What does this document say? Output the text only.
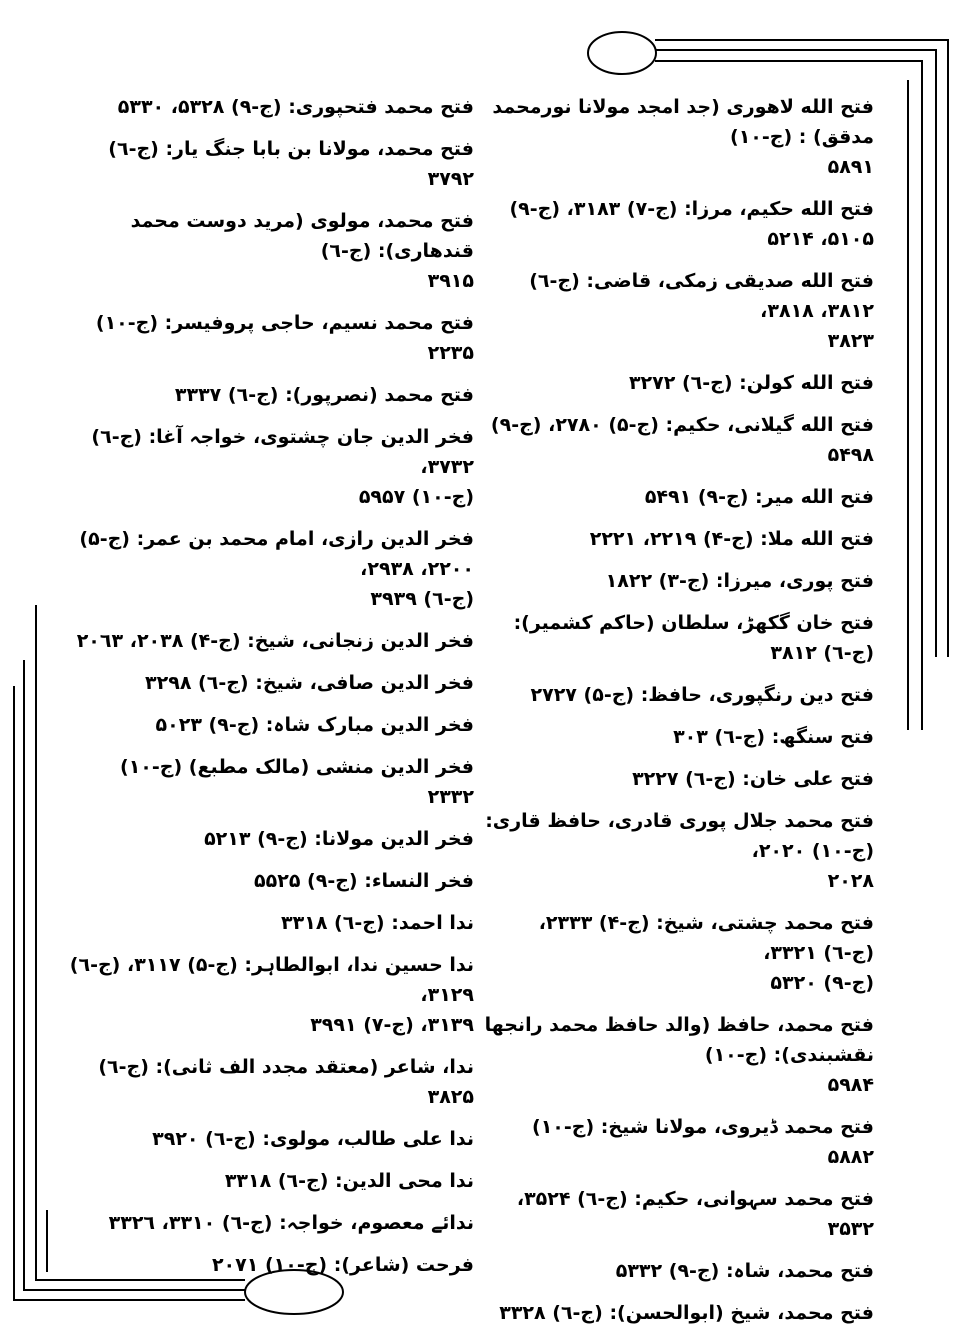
فتح الله لاهوری (جد امجد مولانا نورمحمد مدقق) : (ج-١٠)
۵۸۹۱
فتح الله حکیم، مرزا: (ج-٧) ٣١٨٣، (ج-٩) ۵١٠۵، ۵٢١۴
فتح الله صدیقی زمکی، قاضی: (ج-٦) ٣٨١٢، ٣٨١٨،
٣٨٢٣
فتح الله کولن: (ج-٦) ٣٢٧٢
فتح الله گیلانی، حکیم: (ج-۵) ٢٧٨٠، (ج-٩) ۵۴٩٨
فتح الله میر: (ج-٩) ۵۴٩١
فتح الله ملا: (ج-۴) ٢٢١٩، ٢٢٢١
فتح پوری، میرزا: (ج-٣) ١٨٢٢
فتح خان گکھڑ، سلطان (حاکم کشمیر): (ج-٦) ٣٨١٢
فتح دین رنگپوری، حافظ: (ج-۵) ٢٧٢٧
فتح سنگھ: (ج-٦) ٣٠٣
فتح علی خان: (ج-٦) ٣٢٢٧
فتح محمد جلال پوری قادری، حافظ قاری: (ج-١٠) ٢٠٢٠،
٢٠٢٨
فتح محمد چشتی، شیخ: (ج-۴) ٢٣٣٣، (ج-٦) ٣٣٢١،
(ج-٩) ۵٣٢٠
فتح محمد، حافظ (والد حافظ محمد رانجھا نقشبندی): (ج-١٠)
۵٩٨۴
فتح محمد ڈیروی، مولانا شیخ: (ج-١٠) ۵٨٨٢
فتح محمد سہوانی، حکیم: (ج-٦) ٣۵٢۴، ٣۵٣٢
فتح محمد، شاہ: (ج-٩) ۵٣٣٢
فتح محمد، شیخ (ابوالحسن): (ج-٦) ٣٣٢٨
فتح محمد فتحپوری: (ج-٩) ۵٣٢٨، ۵٣٣٠
فتح محمد، مولانا بن بابا جنگ یار: (ج-٦) ٣٧٩٢
فتح محمد، مولوی (مرید دوست محمد قندھاری): (ج-٦)
٣٩١۵
فتح محمد نسیم، حاجی پروفیسر: (ج-١٠) ٢٢٣۵
فتح محمد (نصرپور): (ج-٦) ٣٣٣٧
فخر الدین جان چشتوی، خواجہ آغا: (ج-٦) ٣٧٣٢،
(ج-١٠) ۵٩۵٧
فخر الدین رازی، امام محمد بن عمر: (ج-۵) ٢٢٠٠، ٢٩٣٨،
(ج-٦) ٣٩٣٩
فخر الدین زنجانی، شیخ: (ج-۴) ٢٠٣٨، ٢٠٦٣
فخر الدین صافی، شیخ: (ج-٦) ٣٢٩٨
فخر الدین مبارک شاہ: (ج-٩) ۵٠٢٣
فخر الدین منشی (مالک مطبع) (ج-١٠) ٢٣٣٢
فخر الدین مولانا: (ج-٩) ۵٢١٣
فخر النساء: (ج-٩) ۵۵٢۵
ندا احمد: (ج-٦) ٣٣١٨
ندا حسین ندا، ابوالطاہر: (ج-۵) ٣١١٧، (ج-٦) ٣١٢٩،
٣١٣٩، (ج-٧) ٣٩٩١
ندا، شاعر (معتقد مجدد الف ثانی): (ج-٦) ٣٨٢۵
ندا علی طالب، مولوی: (ج-٦) ٣٩٢٠
ندا محی الدین: (ج-٦) ٣٣١٨
ندائے معصوم، خواجہ: (ج-٦) ٣٣١٠، ٣٣٢٦
فرحت (شاعر): (ج-١٠) ٢٠٧١
